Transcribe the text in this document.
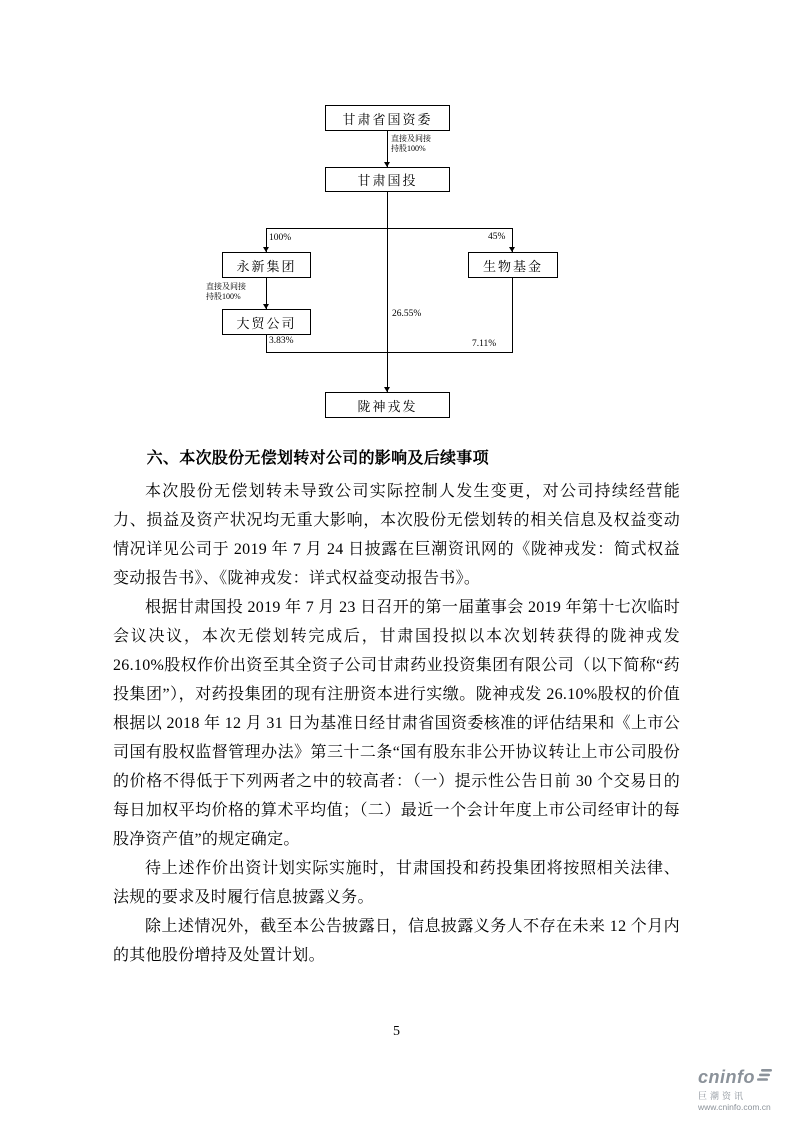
甘肃省国资委
甘肃国投
永新集团	生物基金
大贸公司
陇神戎发
直接及间接
持股100%
100%	45%
直接及间接
持股100%
26.55%
3.83%	7.11%
六、本次股份无偿划转对公司的影响及后续事项

本次股份无偿划转未导致公司实际控制人发生变更，对公司持续经营能力、损益及资产状况均无重大影响，本次股份无偿划转的相关信息及权益变动情况详见公司于 2019 年 7 月 24 日披露在巨潮资讯网的《陇神戎发：简式权益变动报告书》、《陇神戎发：详式权益变动报告书》。

根据甘肃国投 2019 年 7 月 23 日召开的第一届董事会 2019 年第十七次临时会议决议，本次无偿划转完成后，甘肃国投拟以本次划转获得的陇神戎发 26.10%股权作价出资至其全资子公司甘肃药业投资集团有限公司（以下简称“药投集团”），对药投集团的现有注册资本进行实缴。陇神戎发 26.10%股权的价值根据以 2018 年 12 月 31 日为基准日经甘肃省国资委核准的评估结果和《上市公司国有股权监督管理办法》第三十二条“国有股东非公开协议转让上市公司股份的价格不得低于下列两者之中的较高者：（一）提示性公告日前 30 个交易日的每日加权平均价格的算术平均值；（二）最近一个会计年度上市公司经审计的每股净资产值”的规定确定。

待上述作价出资计划实际实施时，甘肃国投和药投集团将按照相关法律、法规的要求及时履行信息披露义务。

除上述情况外，截至本公告披露日，信息披露义务人不存在未来 12 个月内的其他股份增持及处置计划。

5
cninfo
巨潮资讯
www.cninfo.com.cn
